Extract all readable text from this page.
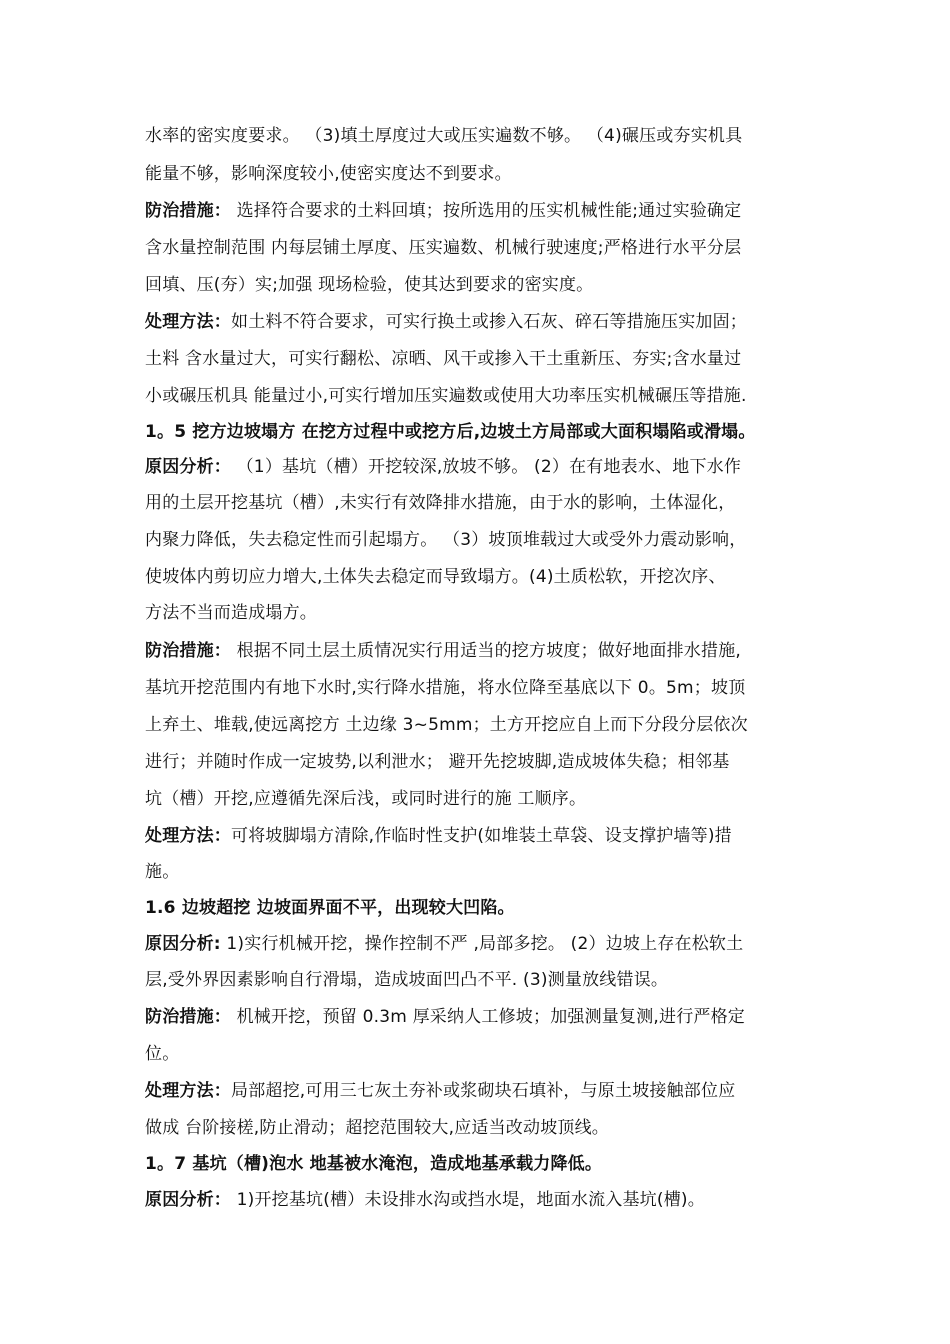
水率的密实度要求。 （3)填土厚度过大或压实遍数不够。 （4)碾压或夯实机具
能量不够，影响深度较小,使密实度达不到要求。
防治措施： 选择符合要求的土料回填；按所选用的压实机械性能;通过实验确定
含水量控制范围 内每层铺土厚度、压实遍数、机械行驶速度;严格进行水平分层
回填、压(夯）实;加强 现场检验，使其达到要求的密实度。
处理方法：如土料不符合要求，可实行换土或掺入石灰、碎石等措施压实加固；
土料 含水量过大，可实行翻松、凉晒、风干或掺入干土重新压、夯实;含水量过
小或碾压机具 能量过小,可实行增加压实遍数或使用大功率压实机械碾压等措施.
1。5 挖方边坡塌方 在挖方过程中或挖方后,边坡土方局部或大面积塌陷或滑塌。
原因分析： （1）基坑（槽）开挖较深,放坡不够。 (2）在有地表水、地下水作
用的土层开挖基坑（槽）,未实行有效降排水措施，由于水的影响，土体湿化，
内聚力降低，失去稳定性而引起塌方。 （3）坡顶堆载过大或受外力震动影响，
使坡体内剪切应力增大,土体失去稳定而导致塌方。(4)土质松软，开挖次序、
方法不当而造成塌方。
防治措施： 根据不同土层土质情况实行用适当的挖方坡度；做好地面排水措施,
基坑开挖范围内有地下水时,实行降水措施，将水位降至基底以下 0。5m；坡顶
上弃土、堆载,使远离挖方 土边缘 3~5mm；土方开挖应自上而下分段分层依次
进行；并随时作成一定坡势,以利泄水； 避开先挖坡脚,造成坡体失稳；相邻基
坑（槽）开挖,应遵循先深后浅，或同时进行的施 工顺序。
处理方法：可将坡脚塌方清除,作临时性支护(如堆装土草袋、设支撑护墙等)措
施。
1.6 边坡超挖 边坡面界面不平，出现较大凹陷。
原因分析: 1)实行机械开挖，操作控制不严 ,局部多挖。 (2）边坡上存在松软土
层,受外界因素影响自行滑塌，造成坡面凹凸不平. (3)测量放线错误。
防治措施： 机械开挖，预留 0.3m 厚采纳人工修坡；加强测量复测,进行严格定
位。
处理方法：局部超挖,可用三七灰土夯补或浆砌块石填补，与原土坡接触部位应
做成 台阶接槎,防止滑动；超挖范围较大,应适当改动坡顶线。
1。7 基坑（槽)泡水 地基被水淹泡，造成地基承载力降低。
原因分析： 1)开挖基坑(槽）未设排水沟或挡水堤，地面水流入基坑(槽)。
